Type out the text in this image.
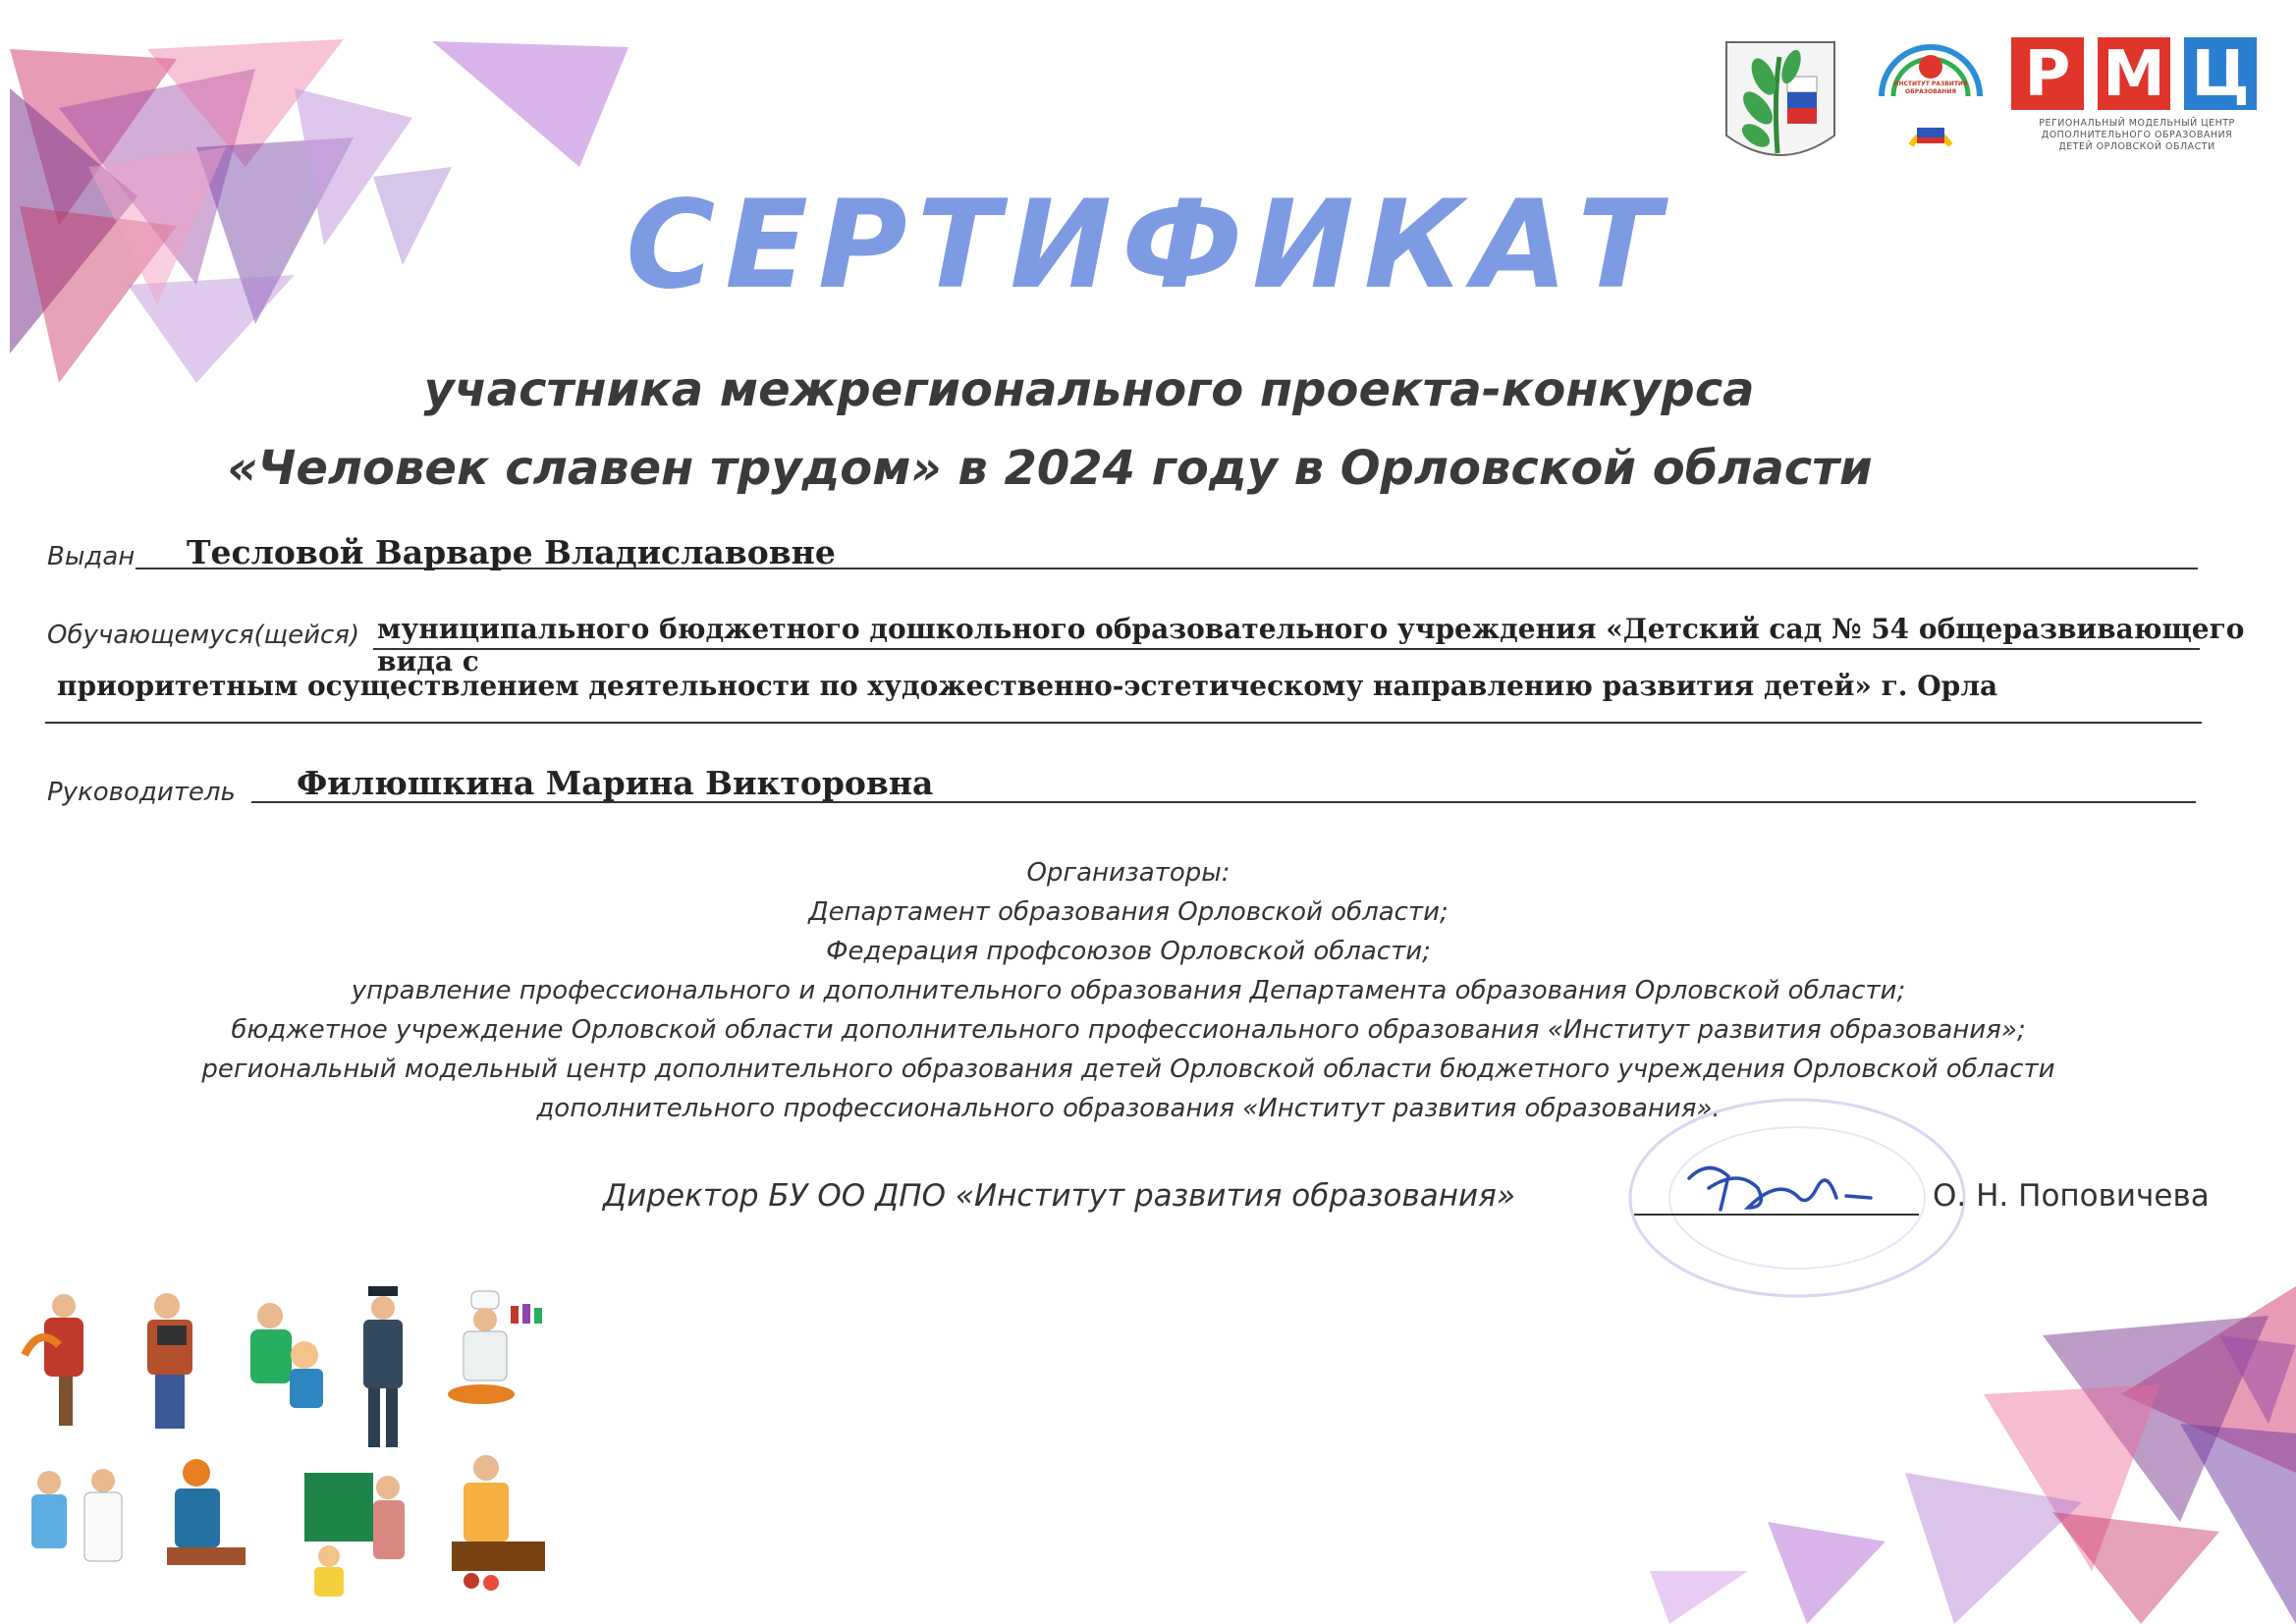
ИНСТИТУТ РАЗВИТИЯ ОБРАЗОВАНИЯ	Р М Ц
РЕГИОНАЛЬНЫЙ МОДЕЛЬНЫЙ ЦЕНТР
ДОПОЛНИТЕЛЬНОГО ОБРАЗОВАНИЯ
ДЕТЕЙ ОРЛОВСКОЙ ОБЛАСТИ
СЕРТИФИКАТ
участника межрегионального проекта-конкурса
«Человек славен трудом» в 2024 году в Орловской области
Выдан Тесловой Варваре Владиславовне
Обучающемуся(щейся) муниципального бюджетного дошкольного образовательного учреждения «Детский сад № 54 общеразвивающего вида с
приоритетным осуществлением деятельности по художественно-эстетическому направлению развития детей» г. Орла
Руководитель Филюшкина Марина Викторовна
Организаторы:
Департамент образования Орловской области;
Федерация профсоюзов Орловской области;
управление профессионального и дополнительного образования Департамента образования Орловской области;
бюджетное учреждение Орловской области дополнительного профессионального образования «Институт развития образования»;
региональный модельный центр дополнительного образования детей Орловской области бюджетного учреждения Орловской области
дополнительного профессионального образования «Институт развития образования».
Директор БУ ОО ДПО «Институт развития образования»	О. Н. Поповичева
